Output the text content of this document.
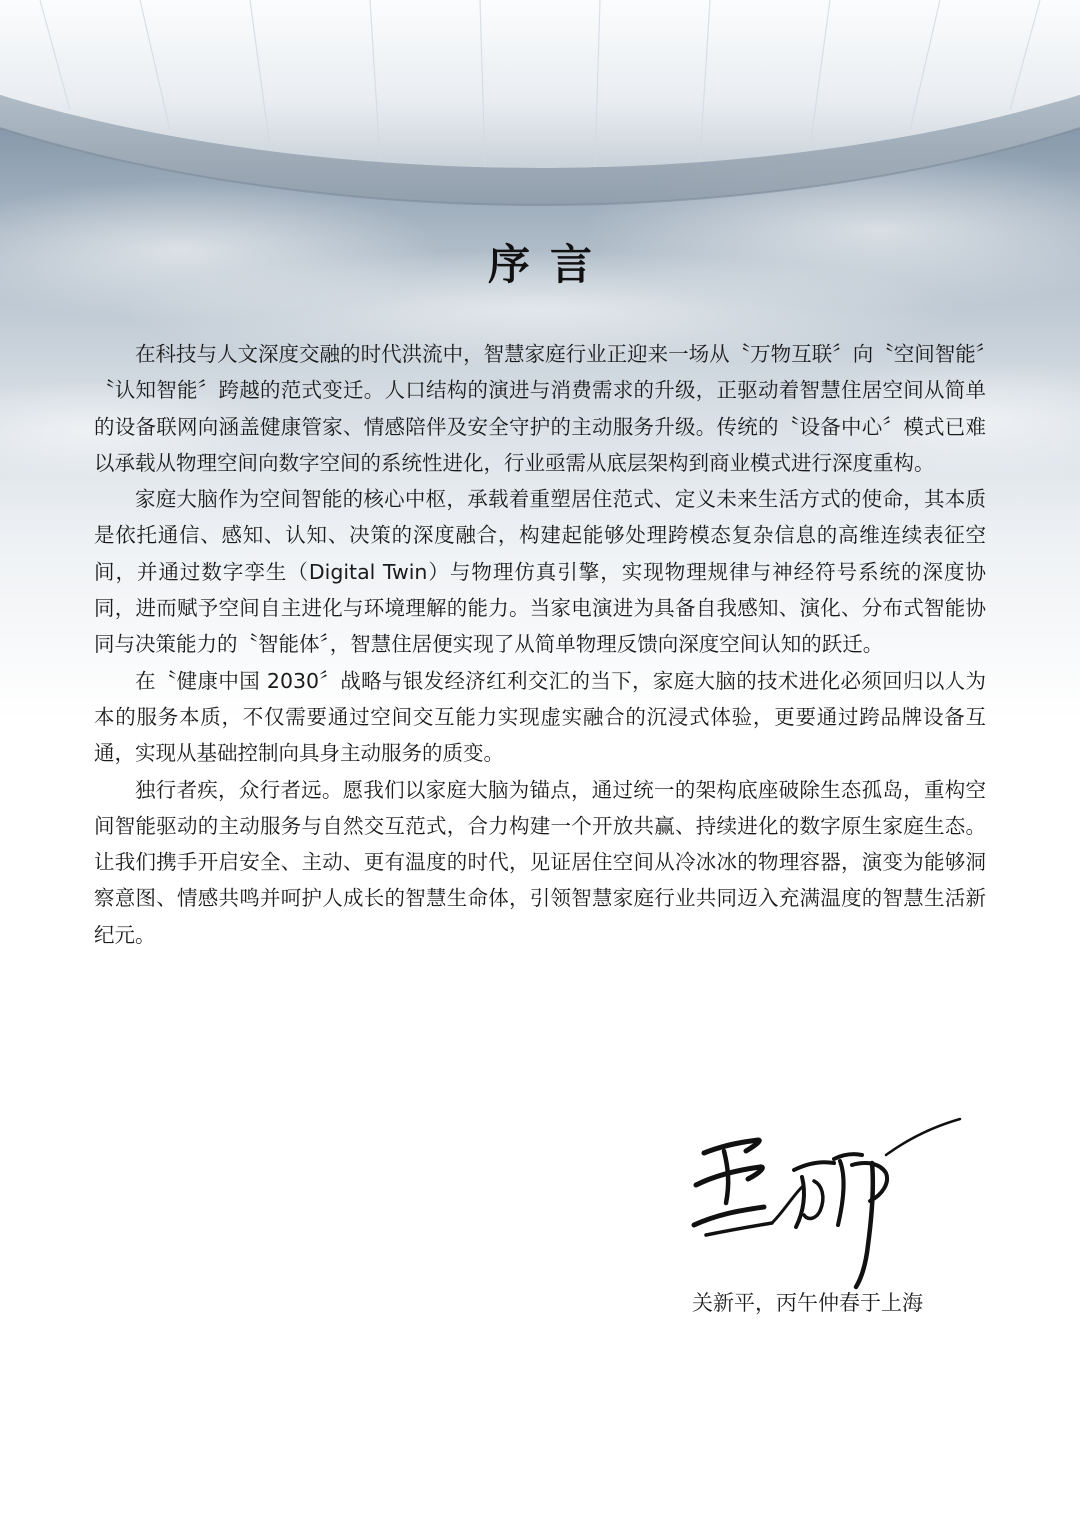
序言

在科技与人文深度交融的时代洪流中，智慧家庭行业正迎来一场从〝万物互联〞向〝空间智能〞〝认知智能〞跨越的范式变迁。人口结构的演进与消费需求的升级，正驱动着智慧住居空间从简单的设备联网向涵盖健康管家、情感陪伴及安全守护的主动服务升级。传统的〝设备中心〞模式已难以承载从物理空间向数字空间的系统性进化，行业亟需从底层架构到商业模式进行深度重构。

家庭大脑作为空间智能的核心中枢，承载着重塑居住范式、定义未来生活方式的使命，其本质是依托通信、感知、认知、决策的深度融合，构建起能够处理跨模态复杂信息的高维连续表征空间，并通过数字孪生（Digital Twin）与物理仿真引擎，实现物理规律与神经符号系统的深度协同，进而赋予空间自主进化与环境理解的能力。当家电演进为具备自我感知、演化、分布式智能协同与决策能力的〝智能体〞，智慧住居便实现了从简单物理反馈向深度空间认知的跃迁。

在〝健康中国 2030〞战略与银发经济红利交汇的当下，家庭大脑的技术进化必须回归以人为本的服务本质，不仅需要通过空间交互能力实现虚实融合的沉浸式体验，更要通过跨品牌设备互通，实现从基础控制向具身主动服务的质变。

独行者疾，众行者远。愿我们以家庭大脑为锚点，通过统一的架构底座破除生态孤岛，重构空间智能驱动的主动服务与自然交互范式，合力构建一个开放共赢、持续进化的数字原生家庭生态。让我们携手开启安全、主动、更有温度的时代，见证居住空间从冷冰冰的物理容器，演变为能够洞察意图、情感共鸣并呵护人成长的智慧生命体，引领智慧家庭行业共同迈入充满温度的智慧生活新纪元。

关新平，丙午仲春于上海
